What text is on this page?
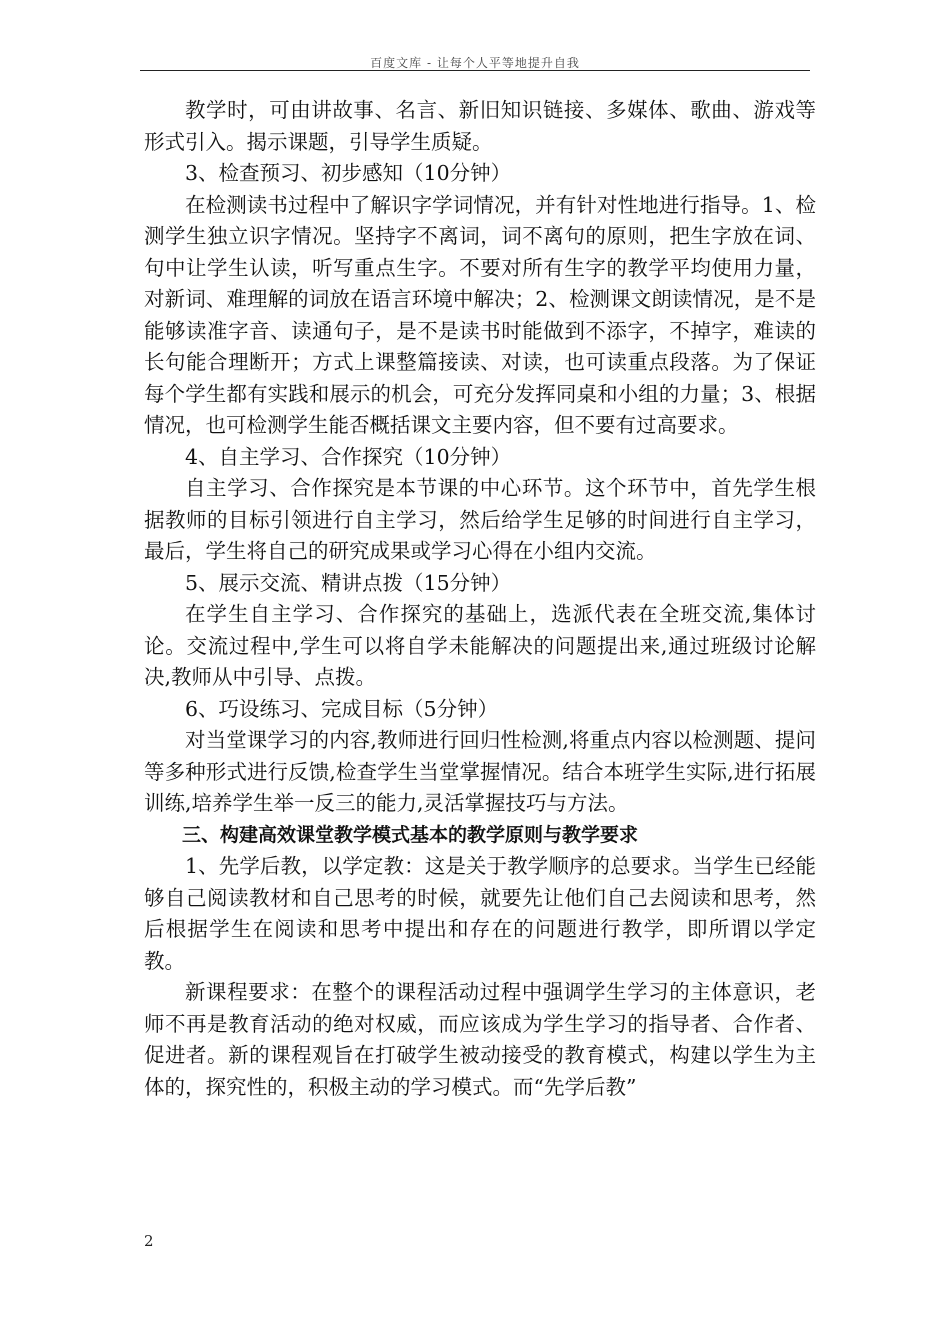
百度文库 - 让每个人平等地提升自我

教学时，可由讲故事、名言、新旧知识链接、多媒体、歌曲、游戏等形式引入。揭示课题，引导学生质疑。

3、检查预习、初步感知（10分钟）

在检测读书过程中了解识字学词情况，并有针对性地进行指导。1、检测学生独立识字情况。坚持字不离词，词不离句的原则，把生字放在词、句中让学生认读，听写重点生字。不要对所有生字的教学平均使用力量，对新词、难理解的词放在语言环境中解决；2、检测课文朗读情况，是不是能够读准字音、读通句子，是不是读书时能做到不添字，不掉字，难读的长句能合理断开；方式上课整篇接读、对读，也可读重点段落。为了保证每个学生都有实践和展示的机会，可充分发挥同桌和小组的力量；3、根据情况，也可检测学生能否概括课文主要内容，但不要有过高要求。

4、自主学习、合作探究（10分钟）

自主学习、合作探究是本节课的中心环节。这个环节中，首先学生根据教师的目标引领进行自主学习，然后给学生足够的时间进行自主学习，最后，学生将自己的研究成果或学习心得在小组内交流。

5、展示交流、精讲点拨（15分钟）

在学生自主学习、合作探究的基础上，选派代表在全班交流,集体讨论。交流过程中,学生可以将自学未能解决的问题提出来,通过班级讨论解决,教师从中引导、点拨。

6、巧设练习、完成目标（5分钟）

对当堂课学习的内容,教师进行回归性检测,将重点内容以检测题、提问等多种形式进行反馈,检查学生当堂掌握情况。结合本班学生实际,进行拓展训练,培养学生举一反三的能力,灵活掌握技巧与方法。

三、构建高效课堂教学模式基本的教学原则与教学要求

1、先学后教，以学定教：这是关于教学顺序的总要求。当学生已经能够自己阅读教材和自己思考的时候，就要先让他们自己去阅读和思考，然后根据学生在阅读和思考中提出和存在的问题进行教学，即所谓以学定教。

新课程要求：在整个的课程活动过程中强调学生学习的主体意识，老师不再是教育活动的绝对权威，而应该成为学生学习的指导者、合作者、促进者。新的课程观旨在打破学生被动接受的教育模式，构建以学生为主体的，探究性的，积极主动的学习模式。而“先学后教”

2
